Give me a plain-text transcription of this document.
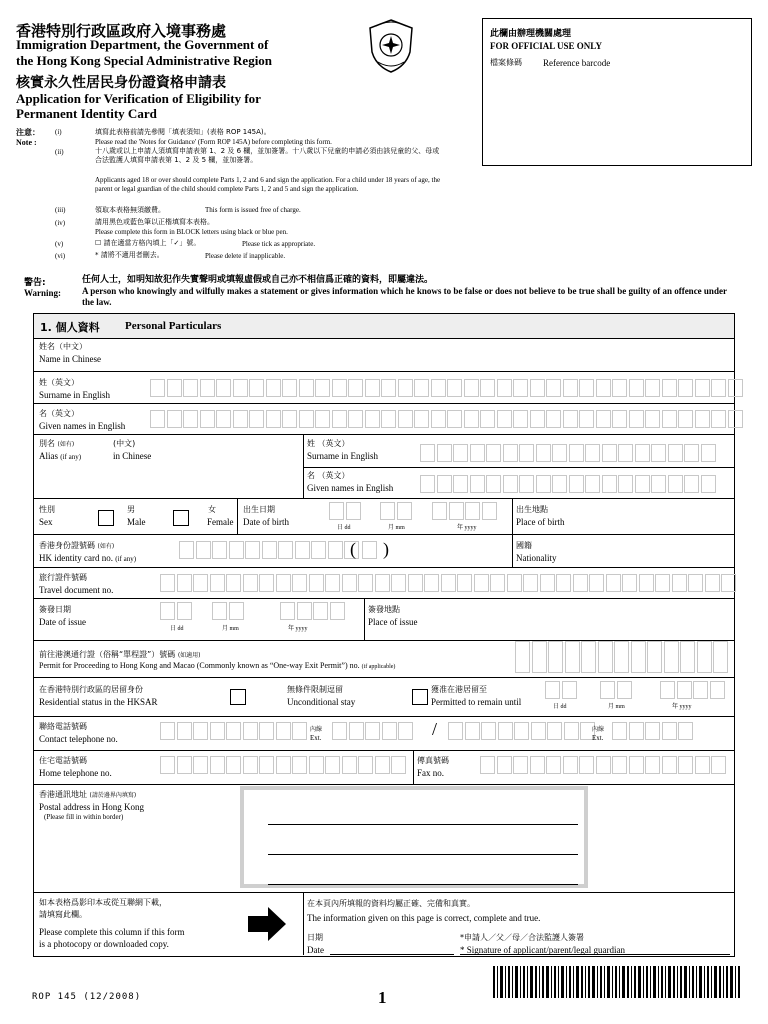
香港特別行政區政府入境事務處
Immigration Department, the Government of
the Hong Kong Special Administrative Region
核實永久性居民身份證資格申請表
Application for Verification of Eligibility for
Permanent Identity Card
此欄由辦理機關處理
FOR OFFICIAL USE ONLY
檔案條碼 Reference barcode
注意：
Note :
(i)	填寫此表格前請先參閱「填表須知」(表格 ROP 145A)。
Please read the 'Notes for Guidance' (Form ROP 145A) before completing this form.
(ii)	十八歲或以上申請人須填寫申請表第 1、2 及 6 欄，並加簽署。十八歲以下兒童的申請必須由該兒童的父、母或合法監護人填寫申請表第 1、2 及 5 欄，並加簽署。
Applicants aged 18 or over should complete Parts 1, 2 and 6 and sign the application. For a child under 18 years of age, the parent or legal guardian of the child should complete Parts 1, 2 and 5 and sign the application.
(iii)	領取本表格無須繳費。	This form is issued free of charge.
(iv)	請用黑色或藍色筆以正楷填寫本表格。
Please complete this form in BLOCK letters using black or blue pen.
(v)	☐ 請在適當方格內填上「✓」號。	Please tick as appropriate.
(vi)	* 請將不適用者刪去。	Please delete if inapplicable.
警告:
Warning:
任何人士，如明知故犯作失實聲明或填報虛假或自己亦不相信爲正確的資料，即屬違法。
A person who knowingly and wilfully makes a statement or gives information which he knows to be false or does not believe to be true shall be guilty of an offence under the law.
1. 個人資料 Personal Particulars
姓名（中文）
Name in Chinese
姓（英文）
Surname in English
名（英文）
Given names in English
別名 (如有)
Alias (if any)
(中文)
in Chinese
姓 （英文）
Surname in English
名 （英文）
Given names in English
性別
Sex
男
Male
女
Female
出生日期
Date of birth
日 dd	月 mm	年 yyyy
出生地點
Place of birth
香港身份證號碼 (如有)
HK identity card no. (if any)	( )	國籍
Nationality
旅行證件號碼
Travel document no.
簽發日期
Date of issue
日 dd	月 mm	年 yyyy
簽發地點
Place of issue
前往港澳通行證（俗稱“單程證”）號碼 (如適用)
Permit for Proceeding to Hong Kong and Macao (Commonly known as “One-way Exit Permit”) no. (if applicable)
在香港特別行政區的居留身份
Residential status in the HKSAR
無條件限制逗留
Unconditional stay
獲准在港居留至
Permitted to remain until	日 dd	月 mm	年 yyyy
聯絡電話號碼
Contact telephone no.
內線
Ext.	/	內線
Ext.
住宅電話號碼
Home telephone no.
傳真號碼
Fax no.
香港通訊地址 (請於邊界內填寫)
Postal address in Hong Kong
(Please fill in within border)
如本表格爲影印本或從互聯網下載，
請填寫此欄。
Please complete this column if this form
is a photocopy or downloaded copy.
在本頁內所填報的資料均屬正確、完備和真實。
The information given on this page is correct, complete and true.
日期
Date
*申請人／父／母／合法監護人簽署
* Signature of applicant/parent/legal guardian
ROP 145 (12/2008)	1
